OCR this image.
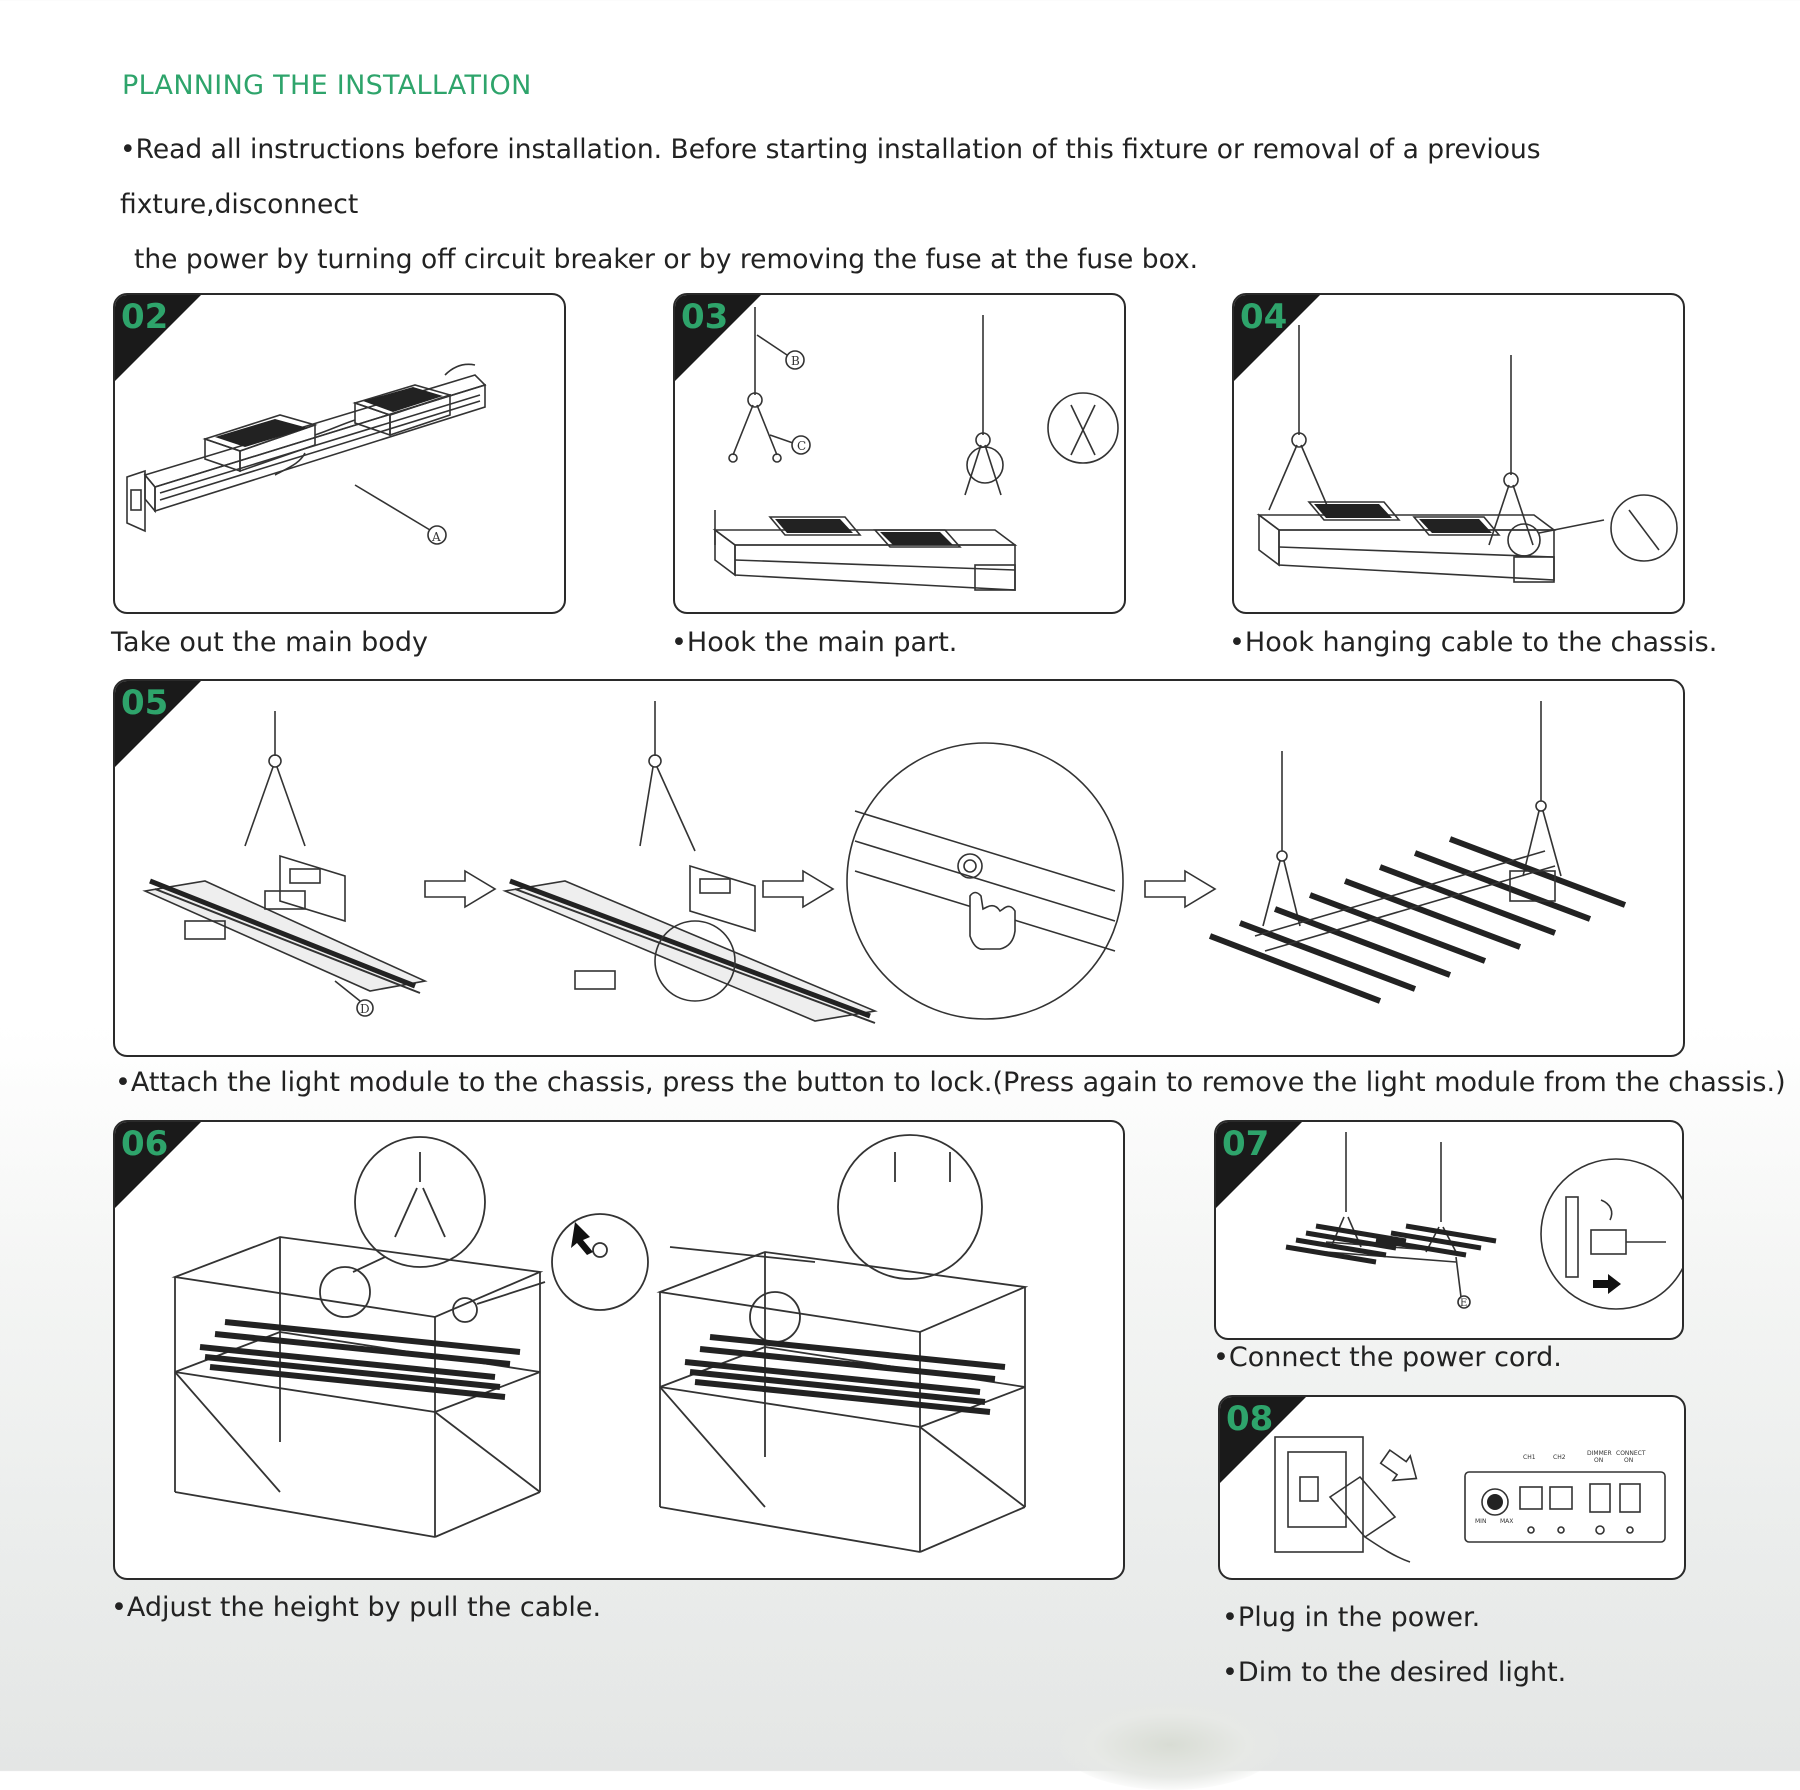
PLANNING THE INSTALLATION
•Read all instructions before installation. Before starting installation of this fixture or removal of a previous fixture,disconnect
the power by turning off circuit breaker or by removing the fuse at the fuse box.
A
02
Take out the main body
B
C
03
•Hook the main part.
04
•Hook hanging cable to the chassis.
D
05
•Attach the light module to the chassis, press the button to lock.(Press again to remove the light module from the chassis.)
06
•Adjust the height by pull the cable.
E
07
•Connect the power cord.
CH1	CH2
DIMMER
ON
CONNECT
ON
MIN MAX
08
•Plug in the power.
•Dim to the desired light.
